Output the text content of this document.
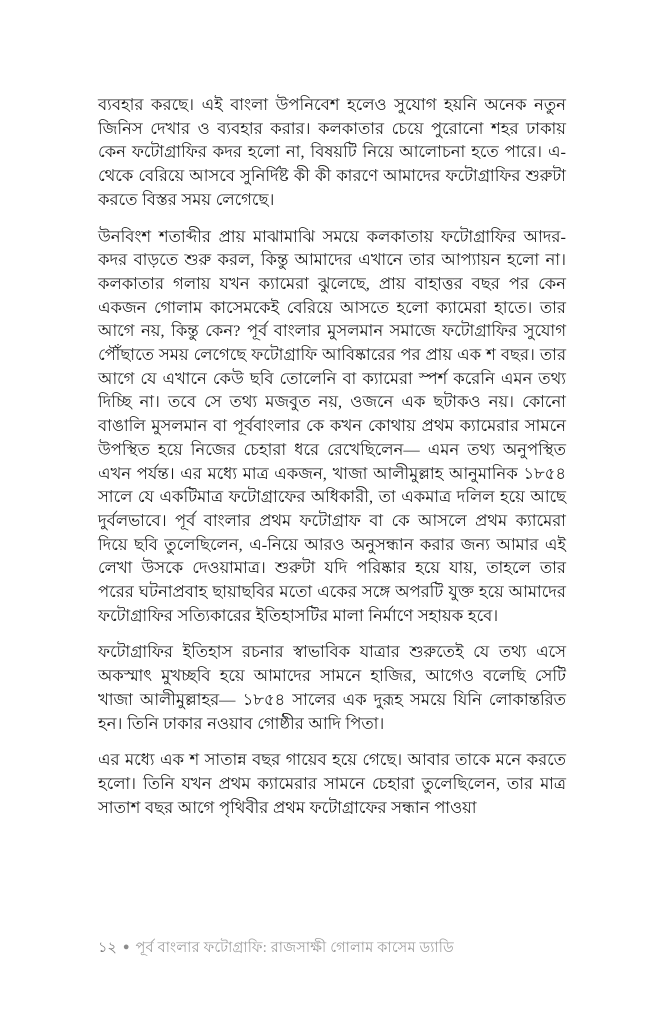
ব্যবহার করছে। এই বাংলা উপনিবেশ হলেও সুযোগ হয়নি অনেক নতুন জিনিস দেখার ও ব্যবহার করার। কলকাতার চেয়ে পুরোনো শহর ঢাকায় কেন ফটোগ্রাফির কদর হলো না, বিষয়টি নিয়ে আলোচনা হতে পারে। এ-থেকে বেরিয়ে আসবে সুনির্দিষ্ট কী কী কারণে আমাদের ফটোগ্রাফির শুরুটা করতে বিস্তর সময় লেগেছে।

উনবিংশ শতাব্দীর প্রায় মাঝামাঝি সময়ে কলকাতায় ফটোগ্রাফির আদর-কদর বাড়তে শুরু করল, কিন্তু আমাদের এখানে তার আপ্যায়ন হলো না। কলকাতার গলায় যখন ক্যামেরা ঝুলেছে, প্রায় বাহাত্তর বছর পর কেন একজন গোলাম কাসেমকেই বেরিয়ে আসতে হলো ক্যামেরা হাতে। তার আগে নয়, কিন্তু কেন? পূর্ব বাংলার মুসলমান সমাজে ফটোগ্রাফির সুযোগ পৌঁছাতে সময় লেগেছে ফটোগ্রাফি আবিষ্কারের পর প্রায় এক শ বছর। তার আগে যে এখানে কেউ ছবি তোলেনি বা ক্যামেরা স্পর্শ করেনি এমন তথ্য দিচ্ছি না। তবে সে তথ্য মজবুত নয়, ওজনে এক ছটাকও নয়। কোনো বাঙালি মুসলমান বা পূর্ববাংলার কে কখন কোথায় প্রথম ক্যামেরার সামনে উপস্থিত হয়ে নিজের চেহারা ধরে রেখেছিলেন— এমন তথ্য অনুপস্থিত এখন পর্যন্ত। এর মধ্যে মাত্র একজন, খাজা আলীমুল্লাহ আনুমানিক ১৮৫৪ সালে যে একটিমাত্র ফটোগ্রাফের অধিকারী, তা একমাত্র দলিল হয়ে আছে দুর্বলভাবে। পূর্ব বাংলার প্রথম ফটোগ্রাফ বা কে আসলে প্রথম ক্যামেরা দিয়ে ছবি তুলেছিলেন, এ-নিয়ে আরও অনুসন্ধান করার জন্য আমার এই লেখা উসকে দেওয়ামাত্র। শুরুটা যদি পরিষ্কার হয়ে যায়, তাহলে তার পরের ঘটনাপ্রবাহ ছায়াছবির মতো একের সঙ্গে অপরটি যুক্ত হয়ে আমাদের ফটোগ্রাফির সত্যিকারের ইতিহাসটির মালা নির্মাণে সহায়ক হবে।

ফটোগ্রাফির ইতিহাস রচনার স্বাভাবিক যাত্রার শুরুতেই যে তথ্য এসে অকস্মাৎ মুখচ্ছবি হয়ে আমাদের সামনে হাজির, আগেও বলেছি সেটি খাজা আলীমুল্লাহর— ১৮৫৪ সালের এক দুরূহ সময়ে যিনি লোকান্তরিত হন। তিনি ঢাকার নওয়াব গোষ্ঠীর আদি পিতা।

এর মধ্যে এক শ সাতান্ন বছর গায়েব হয়ে গেছে। আবার তাকে মনে করতে হলো। তিনি যখন প্রথম ক্যামেরার সামনে চেহারা তুলেছিলেন, তার মাত্র সাতাশ বছর আগে পৃথিবীর প্রথম ফটোগ্রাফের সন্ধান পাওয়া

১২ ● পূর্ব বাংলার ফটোগ্রাফি: রাজসাক্ষী গোলাম কাসেম ড্যাডি
